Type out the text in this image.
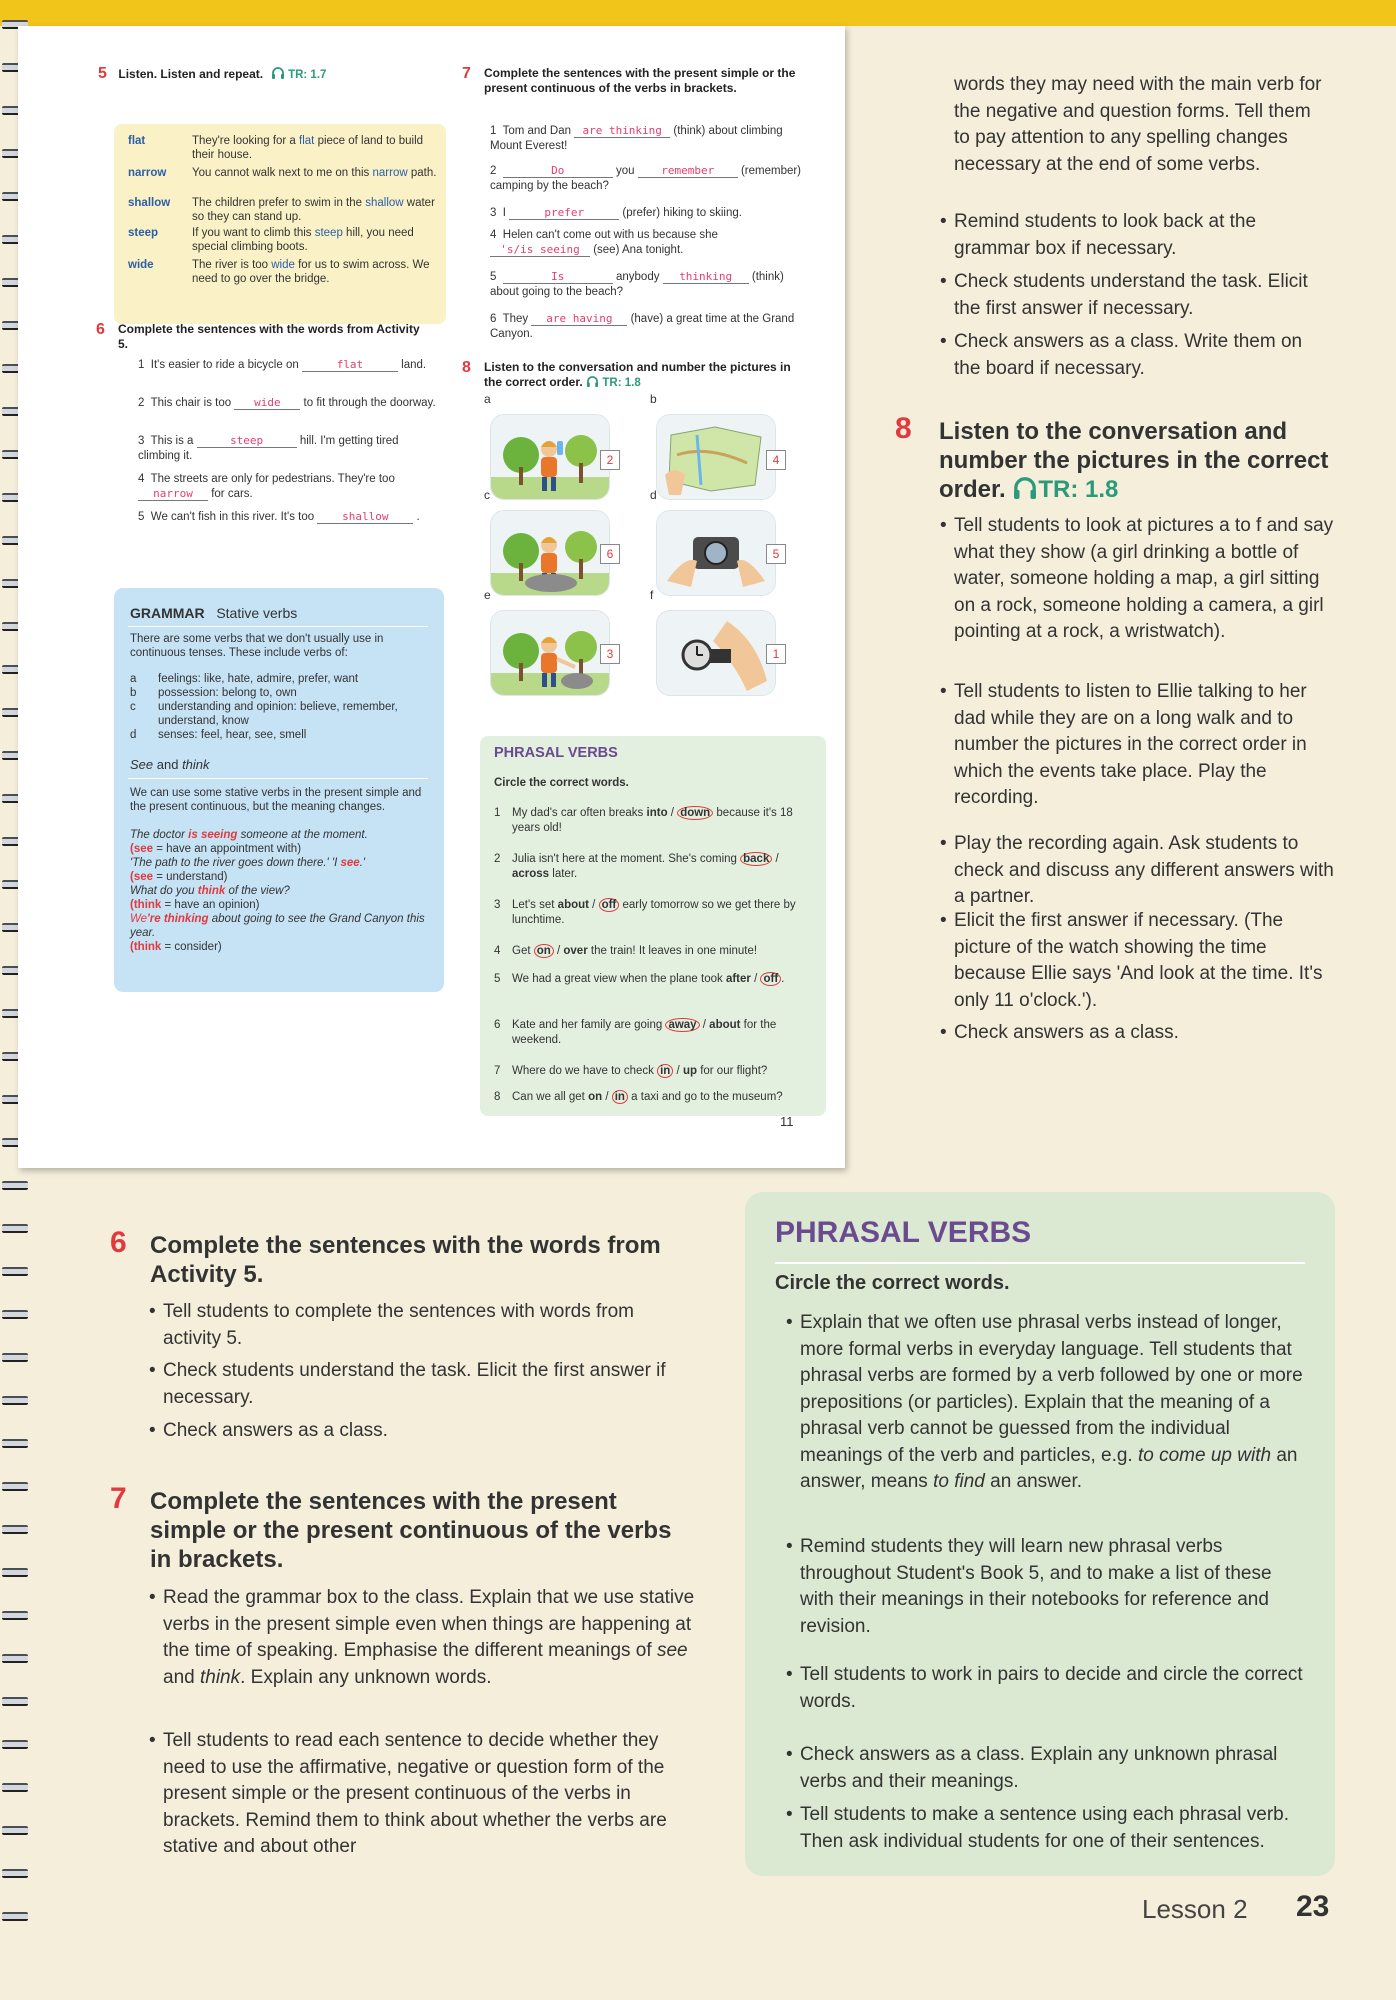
5 Listen. Listen and repeat. TR: 1.7
flat	They're looking for a flat piece of land to build their house.
narrow You cannot walk next to me on this narrow path.
shallow The children prefer to swim in the shallow water so they can stand up.
steep	If you want to climb this steep hill, you need special climbing boots.
wide	The river is too wide for us to swim across. We need to go over the bridge.
6 Complete the sentences with the words from Activity 5.
1 It's easier to ride a bicycle on	flat	land.
2 This chair is too wide to fit through the doorway.
3 This is a	steep	hill. I'm getting tired climbing it.
4 The streets are only for pedestrians. They're too narrow for cars.
5 We can't fish in this river. It's too	shallow .
GRAMMAR Stative verbs
There are some verbs that we don't usually use in continuous tenses. These include verbs of:
a feelings: like, hate, admire, prefer, want
b possession: belong to, own
c understanding and opinion: believe, remember, understand, know
d senses: feel, hear, see, smell
See and think
We can use some stative verbs in the present simple and the present continuous, but the meaning changes.
The doctor is seeing someone at the moment.
(see = have an appointment with)
'The path to the river goes down there.' 'I see.'
(see = understand)
What do you think of the view?
(think = have an opinion)
We're thinking about going to see the Grand Canyon this year.
(think = consider)
7 Complete the sentences with the present simple or the present continuous of the verbs in brackets.
1 Tom and Dan are thinking (think) about climbing Mount Everest!
2	Do	you remember (remember) camping by the beach?
3 I	prefer	(prefer) hiking to skiing.
4 Helen can't come out with us because she 's/is seeing (see) Ana tonight.
5	Is	anybody thinking (think) about going to the beach?
6 They are having (have) a great time at the Grand Canyon.
8 Listen to the conversation and number the pictures in the correct order. TR: 1.8
a
2
b
4
c
6
d
5
e
3
f
1
PHRASAL VERBS
Circle the correct words.
1 My dad's car often breaks into / down because it's 18 years old!
2 Julia isn't here at the moment. She's coming back / across later.
3 Let's set about / off early tomorrow so we get there by lunchtime.
4 Get on / over the train! It leaves in one minute!
5 We had a great view when the plane took after / off .
6 Kate and her family are going away / about for the weekend.
7 Where do we have to check in / up for our flight?
8 Can we all get on / in a taxi and go to the museum?
11
words they may need with the main verb for the negative and question forms. Tell them to pay attention to any spelling changes necessary at the end of some verbs.
• Remind students to look back at the grammar box if necessary.
• Check students understand the task. Elicit the first answer if necessary.
• Check answers as a class. Write them on the board if necessary.
8 Listen to the conversation and number the pictures in the correct order. TR: 1.8
• Tell students to look at pictures a to f and say what they show (a girl drinking a bottle of water, someone holding a map, a girl sitting on a rock, someone holding a camera, a girl pointing at a rock, a wristwatch).
• Tell students to listen to Ellie talking to her dad while they are on a long walk and to number the pictures in the correct order in which the events take place. Play the recording.
• Play the recording again. Ask students to check and discuss any different answers with a partner.
• Elicit the first answer if necessary. (The picture of the watch showing the time because Ellie says 'And look at the time. It's only 11 o'clock.').
• Check answers as a class.
6 Complete the sentences with the words from Activity 5.
• Tell students to complete the sentences with words from activity 5.
• Check students understand the task. Elicit the first answer if necessary.
• Check answers as a class.
7 Complete the sentences with the present simple or the present continuous of the verbs in brackets.
• Read the grammar box to the class. Explain that we use stative verbs in the present simple even when things are happening at the time of speaking. Emphasise the different meanings of see and think. Explain any unknown words.
• Tell students to read each sentence to decide whether they need to use the affirmative, negative or question form of the present simple or the present continuous of the verbs in brackets. Remind them to think about whether the verbs are stative and about other
PHRASAL VERBS
Circle the correct words.
• Explain that we often use phrasal verbs instead of longer, more formal verbs in everyday language. Tell students that phrasal verbs are formed by a verb followed by one or more prepositions (or particles). Explain that the meaning of a phrasal verb cannot be guessed from the individual meanings of the verb and particles, e.g. to come up with an answer, means to find an answer.
• Remind students they will learn new phrasal verbs throughout Student's Book 5, and to make a list of these with their meanings in their notebooks for reference and revision.
• Tell students to work in pairs to decide and circle the correct words.
• Check answers as a class. Explain any unknown phrasal verbs and their meanings.
• Tell students to make a sentence using each phrasal verb. Then ask individual students for one of their sentences.
Lesson 2 23
